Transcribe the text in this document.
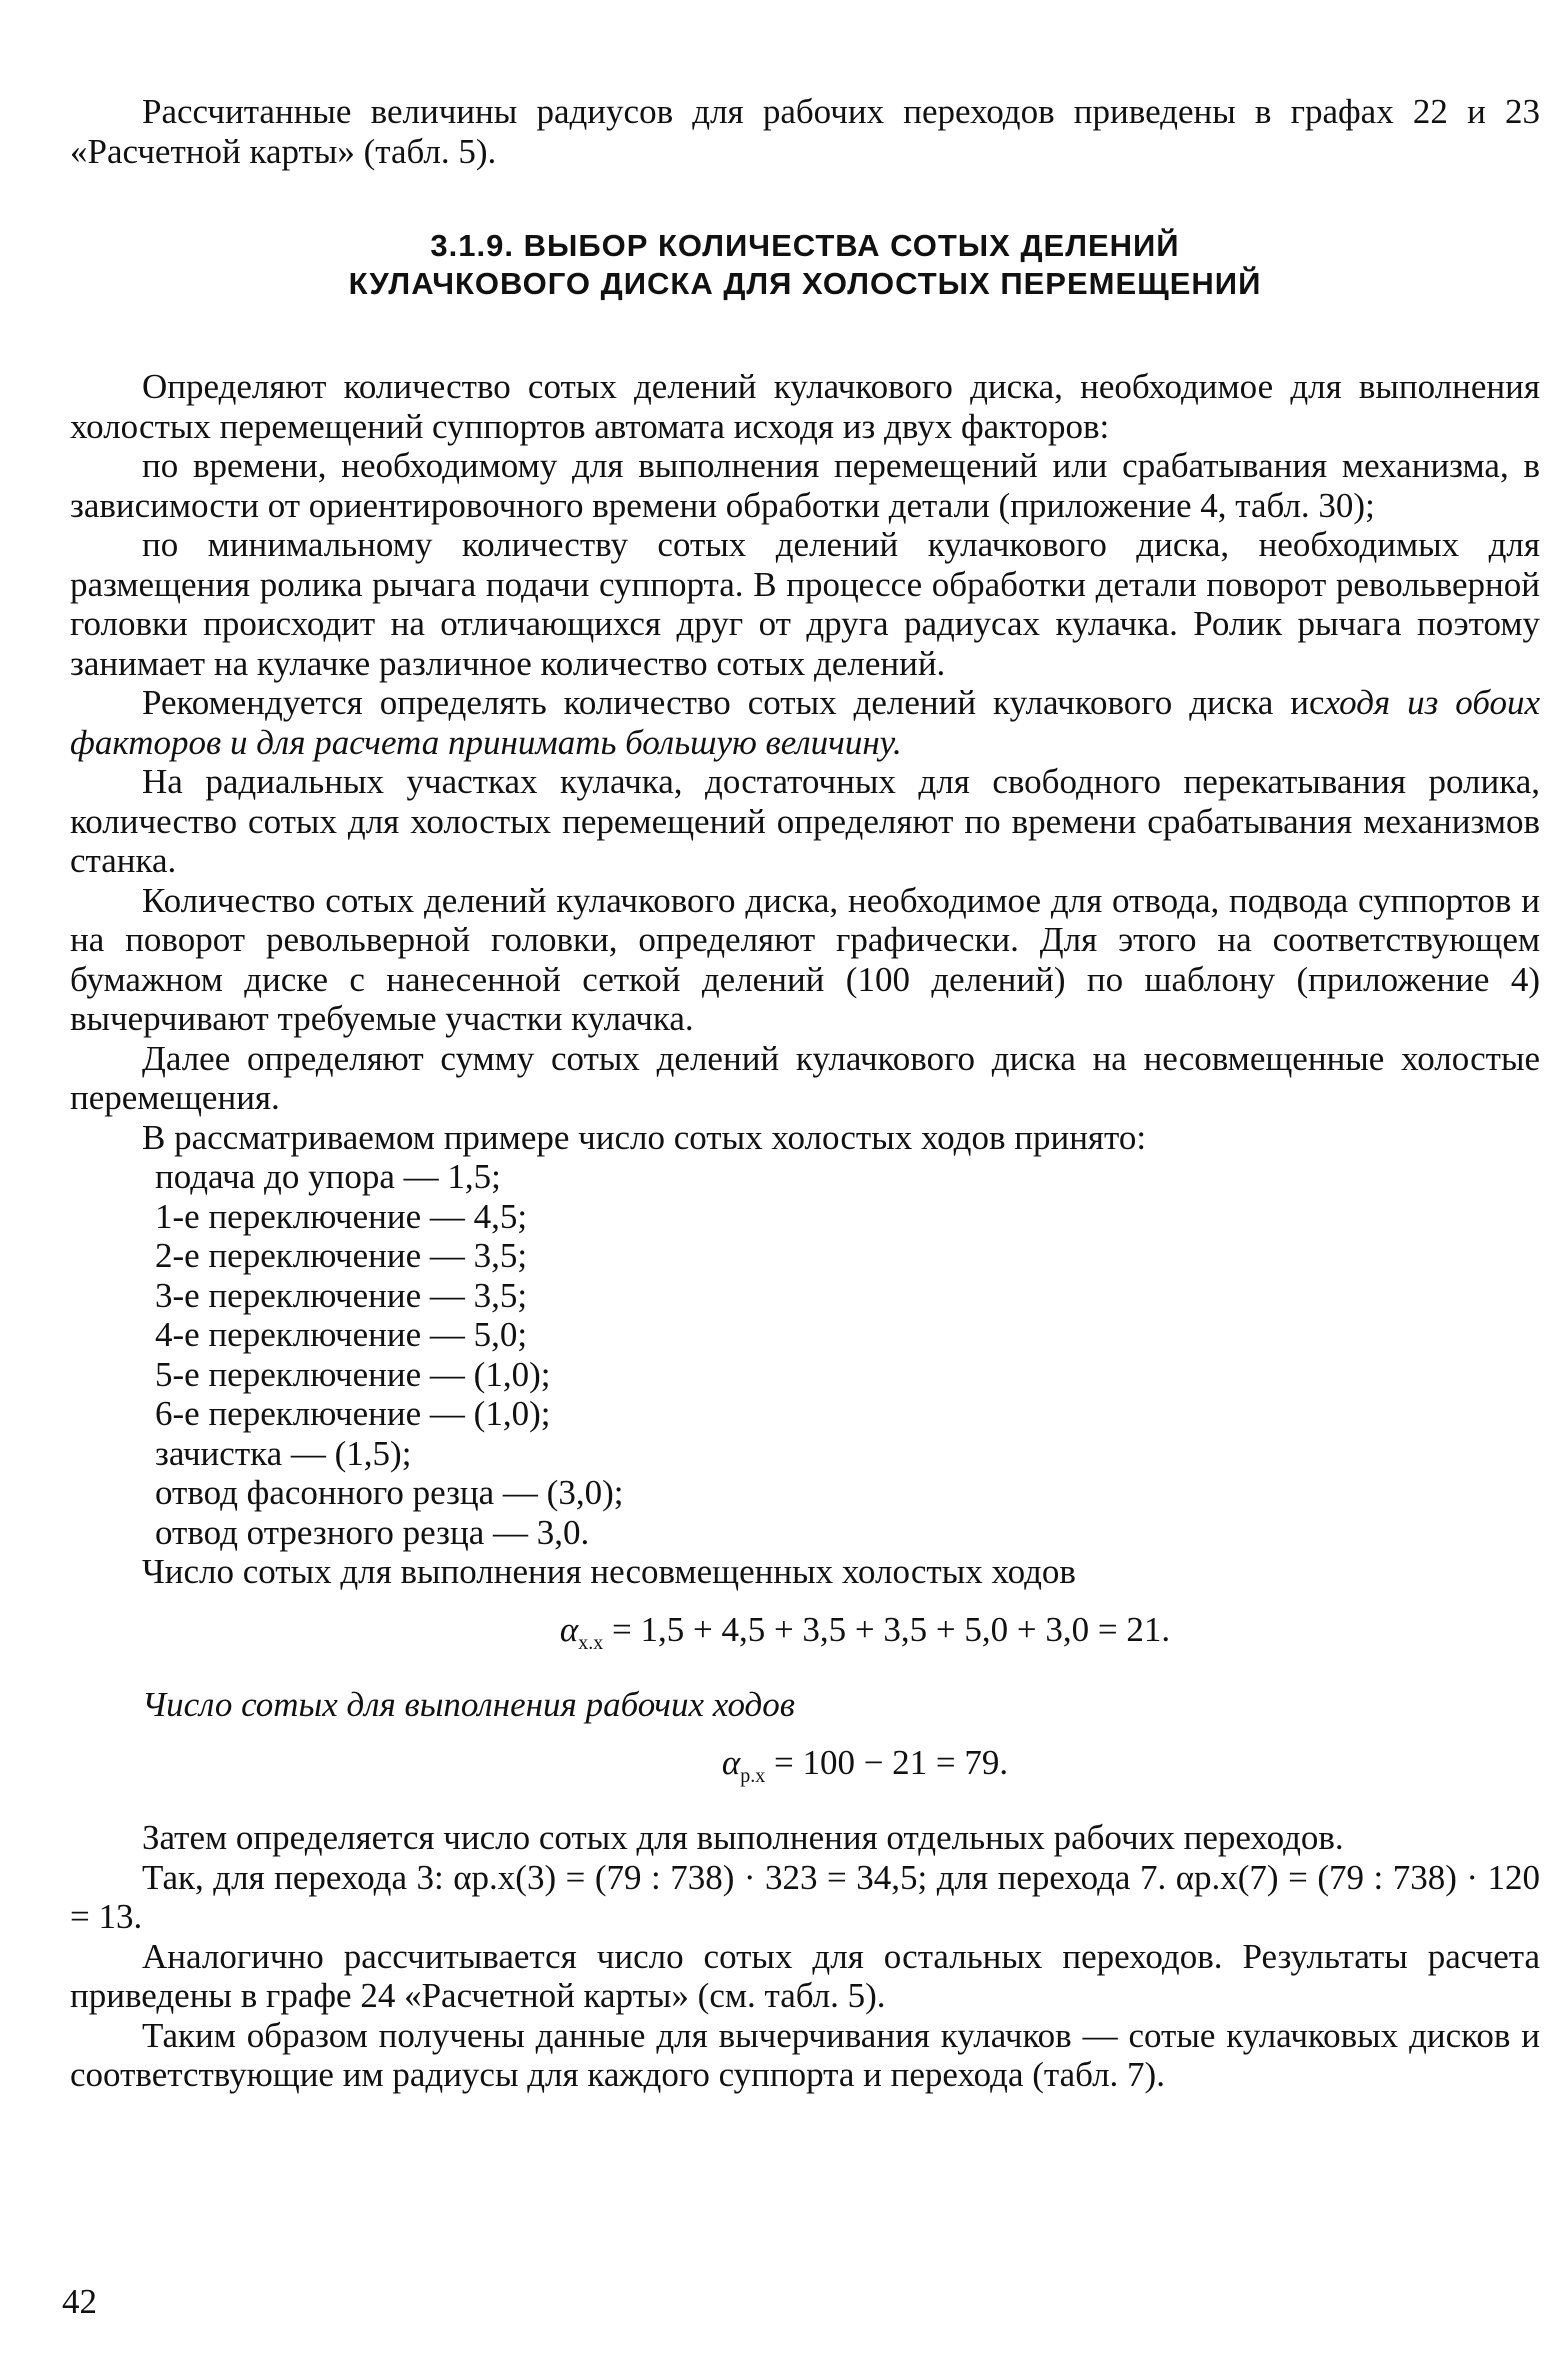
Рассчитанные величины радиусов для рабочих переходов приведены в графах 22 и 23 «Расчетной карты» (табл. 5).

3.1.9. ВЫБОР КОЛИЧЕСТВА СОТЫХ ДЕЛЕНИЙ
КУЛАЧКОВОГО ДИСКА ДЛЯ ХОЛОСТЫХ ПЕРЕМЕЩЕНИЙ

Определяют количество сотых делений кулачкового диска, необходимое для выполнения холостых перемещений суппортов автомата исходя из двух факторов:

по времени, необходимому для выполнения перемещений или срабатывания механизма, в зависимости от ориентировочного времени обработки детали (приложение 4, табл. 30);

по минимальному количеству сотых делений кулачкового диска, необходимых для размещения ролика рычага подачи суппорта. В процессе обработки детали поворот револьверной головки происходит на отличающихся друг от друга радиусах кулачка. Ролик рычага поэтому занимает на кулачке различное количество сотых делений.

Рекомендуется определять количество сотых делений кулачкового диска исходя из обоих факторов и для расчета принимать большую величину.

На радиальных участках кулачка, достаточных для свободного перекатывания ролика, количество сотых для холостых перемещений определяют по времени срабатывания механизмов станка.

Количество сотых делений кулачкового диска, необходимое для отвода, подвода суппортов и на поворот револьверной головки, определяют графически. Для этого на соответствующем бумажном диске с нанесенной сеткой делений (100 делений) по шаблону (приложение 4) вычерчивают требуемые участки кулачка.

Далее определяют сумму сотых делений кулачкового диска на несовмещенные холостые перемещения.

В рассматриваемом примере число сотых холостых ходов принято:

подача до упора — 1,5;
1-е переключение — 4,5;
2-е переключение — 3,5;
3-е переключение — 3,5;
4-е переключение — 5,0;
5-е переключение — (1,0);
6-е переключение — (1,0);
зачистка — (1,5);
отвод фасонного резца — (3,0);
отвод отрезного резца — 3,0.

Число сотых для выполнения несовмещенных холостых ходов

$\alpha_{х.х} = 1,5 + 4,5 + 3,5 + 3,5 + 5,0 + 3,0 = 21$.

Число сотых для выполнения рабочих ходов

$\alpha_{р.х} = 100 - 21 = 79$.

Затем определяется число сотых для выполнения отдельных рабочих переходов.

Так, для перехода 3: αр.х(3) = (79 : 738) · 323 = 34,5; для перехода 7. αр.х(7) = (79 : 738) · 120 = 13.

Аналогично рассчитывается число сотых для остальных переходов. Результаты расчета приведены в графе 24 «Расчетной карты» (см. табл. 5).

Таким образом получены данные для вычерчивания кулачков — сотые кулачковых дисков и соответствующие им радиусы для каждого суппорта и перехода (табл. 7).

42
